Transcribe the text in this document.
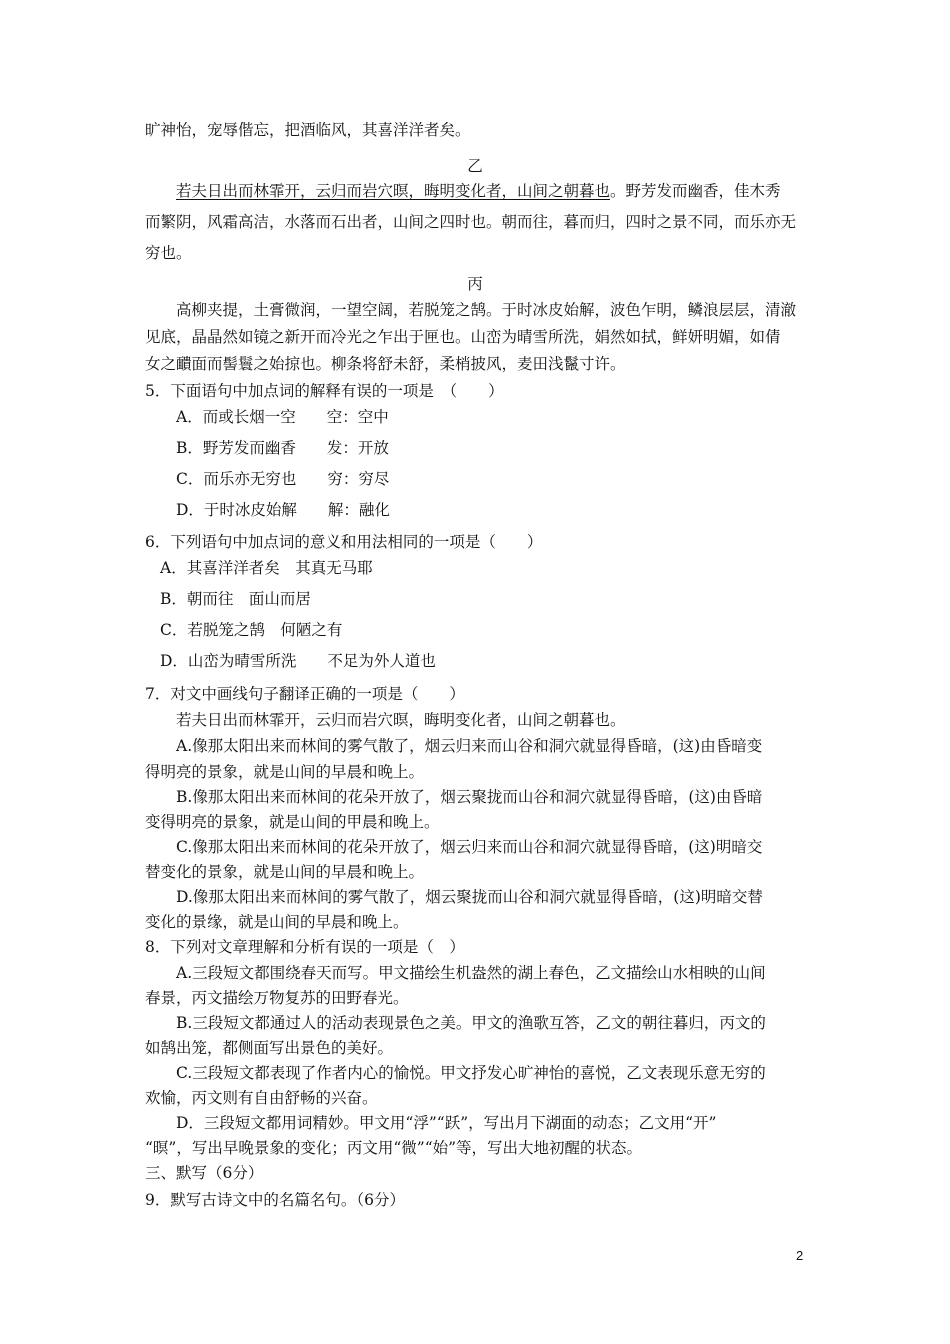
旷神怡，宠辱偕忘，把酒临风，其喜洋洋者矣。
乙
若夫日出而林霏开，云归而岩穴暝，晦明变化者，山间之朝暮也。野芳发而幽香，佳木秀
而繁阴，风霜高洁，水落而石出者，山间之四时也。朝而往，暮而归，四时之景不同，而乐亦无
穷也。
丙
高柳夹提，土膏微润，一望空阔，若脱笼之鹄。于时冰皮始解，波色乍明，鳞浪层层，清澈
见底，晶晶然如镜之新开而冷光之乍出于匣也。山峦为晴雪所洗，娟然如拭，鲜妍明媚，如倩
女之靧面而髻鬟之始掠也。柳条将舒未舒，柔梢披风，麦田浅鬣寸许。
5．下面语句中加点词的解释有误的一项是　（　　）
A．而或长烟一空　　空：空中
B．野芳发而幽香　　发：开放
C．而乐亦无穷也　　穷：穷尽
D．于时冰皮始解　　解：融化
6．下列语句中加点词的意义和用法相同的一项是（　　）
A．其喜洋洋者矣　其真无马耶
B．朝而往　面山而居
C．若脱笼之鹄　何陋之有
D．山峦为晴雪所洗　　不足为外人道也
7．对文中画线句子翻译正确的一项是（　　）
若夫日出而林霏开，云归而岩穴暝，晦明变化者，山间之朝暮也。
A.像那太阳出来而林间的雾气散了，烟云归来而山谷和洞穴就显得昏暗，(这)由昏暗变
得明亮的景象，就是山间的早晨和晚上。
B.像那太阳出来而林间的花朵开放了，烟云聚拢而山谷和洞穴就显得昏暗，(这)由昏暗
变得明亮的景象，就是山间的甲晨和晚上。
C.像那太阳出来而林间的花朵开放了，烟云归来而山谷和洞穴就显得昏暗，(这)明暗交
替变化的景象，就是山间的早晨和晚上。
D.像那太阳出来而林间的雾气散了，烟云聚拢而山谷和洞穴就显得昏暗，(这)明暗交替
变化的景缘，就是山间的早晨和晚上。
8．下列对文章理解和分析有误的一项是（　）
A.三段短文都围绕春天而写。甲文描绘生机盎然的湖上春色，乙文描绘山水相映的山间
春景，丙文描绘万物复苏的田野春光。
B.三段短文都通过人的活动表现景色之美。甲文的渔歌互答，乙文的朝往暮归，丙文的
如鹄出笼，都侧面写出景色的美好。
C.三段短文都表现了作者内心的愉悦。甲文抒发心旷神怡的喜悦，乙文表现乐意无穷的
欢愉，丙文则有自由舒畅的兴奋。
D．三段短文都用词精妙。甲文用“浮”“跃”，写出月下湖面的动态；乙文用“开”
“暝”，写出早晚景象的变化；丙文用“微”“始”等，写出大地初醒的状态。
三、默写（6分）
9．默写古诗文中的名篇名句。（6分）
2
